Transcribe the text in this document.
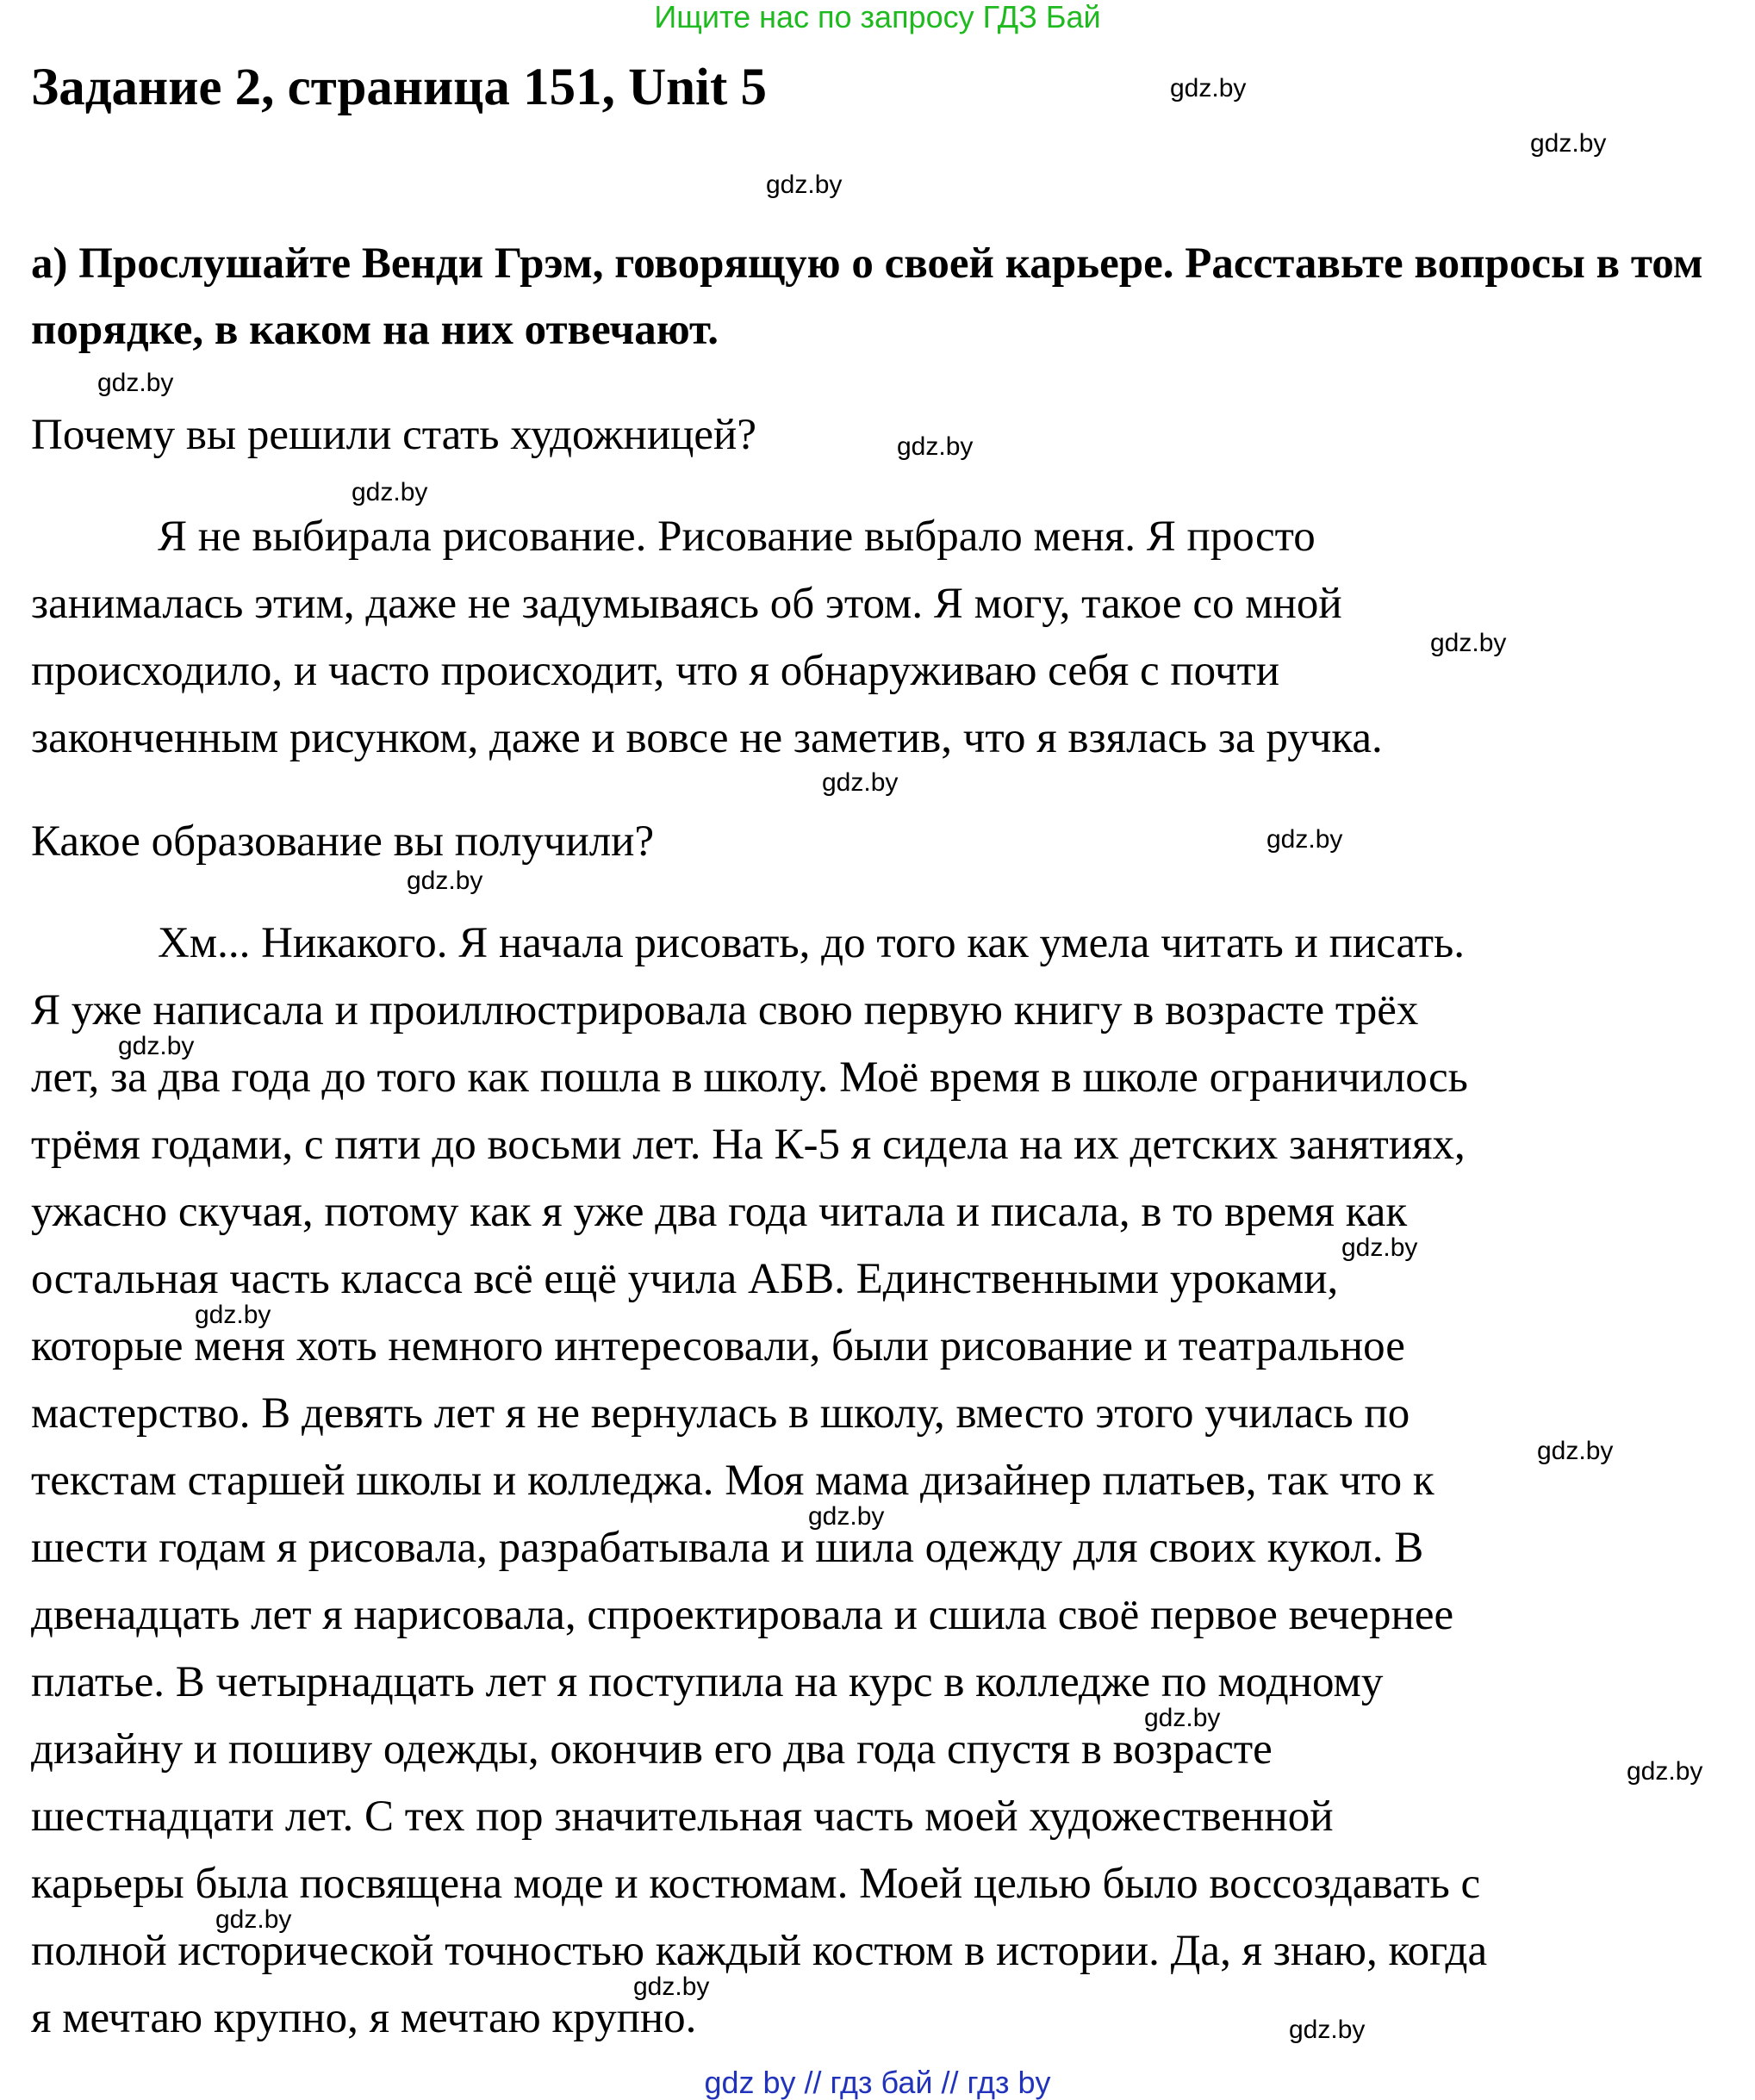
Ищите нас по запросу ГДЗ Бай
Задание 2, страница 151, Unit 5
а) Прослушайте Венди Грэм, говорящую о своей карьере. Расставьте вопросы в том порядке, в каком на них отвечают.
Почему вы решили стать художницей?
Я не выбирала рисование. Рисование выбрало меня. Я просто
занималась этим, даже не задумываясь об этом. Я могу, такое со мной
происходило, и часто происходит, что я обнаруживаю себя с почти
законченным рисунком, даже и вовсе не заметив, что я взялась за ручка.
Какое образование вы получили?
Хм... Никакого. Я начала рисовать, до того как умела читать и писать.
Я уже написала и проиллюстрировала свою первую книгу в возрасте трёх
лет, за два года до того как пошла в школу. Моё время в школе ограничилось
трёмя годами, с пяти до восьми лет. На К-5 я сидела на их детских занятиях,
ужасно скучая, потому как я уже два года читала и писала, в то время как
остальная часть класса всё ещё учила АБВ. Единственными уроками,
которые меня хоть немного интересовали, были рисование и театральное
мастерство. В девять лет я не вернулась в школу, вместо этого училась по
текстам старшей школы и колледжа. Моя мама дизайнер платьев, так что к
шести годам я рисовала, разрабатывала и шила одежду для своих кукол. В
двенадцать лет я нарисовала, спроектировала и сшила своё первое вечернее
платье. В четырнадцать лет я поступила на курс в колледже по модному
дизайну и пошиву одежды, окончив его два года спустя в возрасте
шестнадцати лет. С тех пор значительная часть моей художественной
карьеры была посвящена моде и костюмам. Моей целью было воссоздавать с
полной исторической точностью каждый костюм в истории. Да, я знаю, когда
я мечтаю крупно, я мечтаю крупно.
gdz.by
gdz.by
gdz.by
gdz.by
gdz.by
gdz.by
gdz.by
gdz.by
gdz.by
gdz.by
gdz.by
gdz.by
gdz.by
gdz.by
gdz.by
gdz.by
gdz.by
gdz.by
gdz.by
gdz.by
gdz by // гдз бай // гдз by
